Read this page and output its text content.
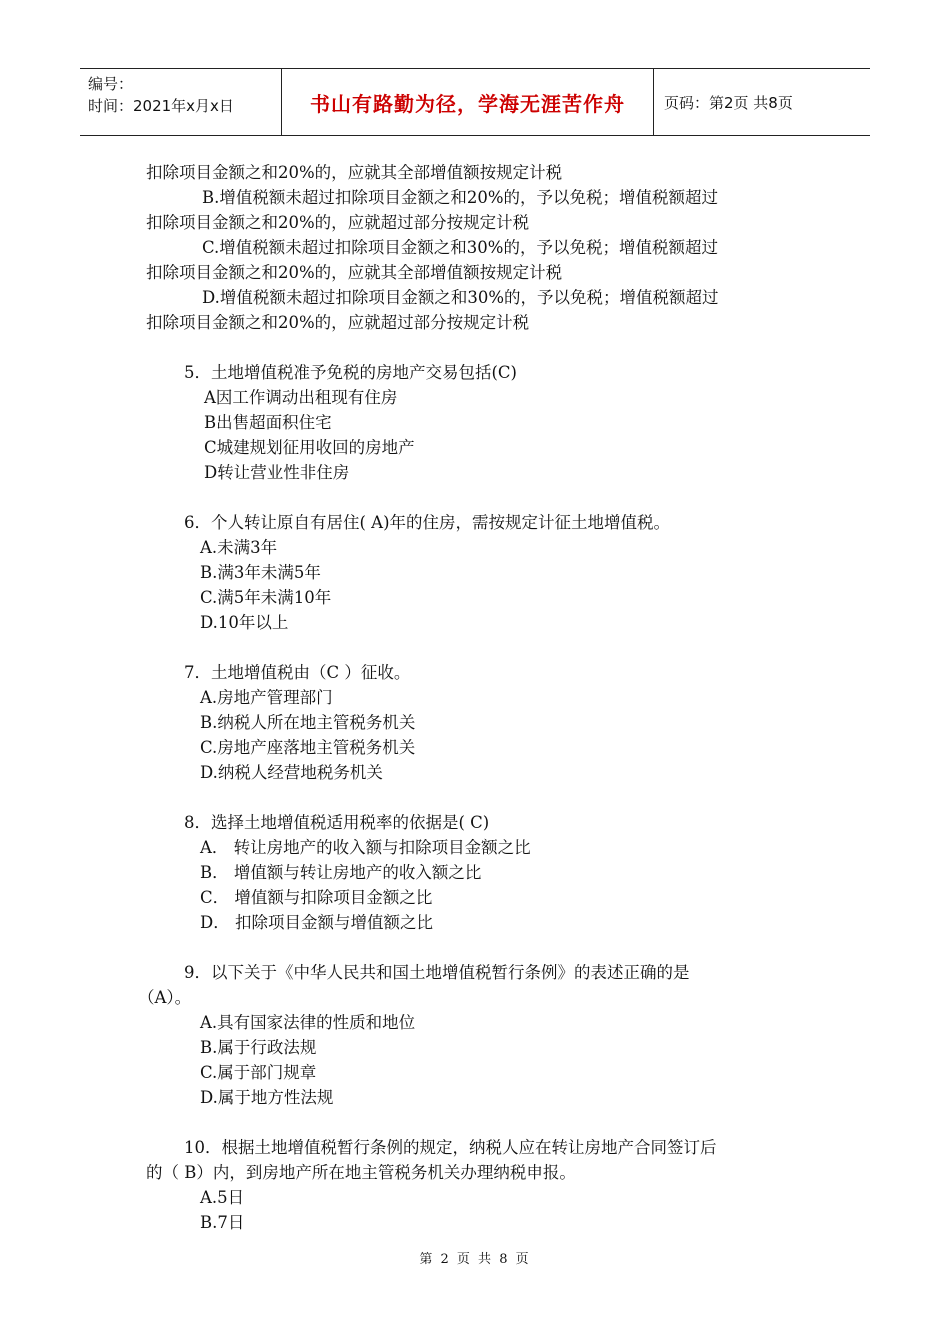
编号：
时间：2021年x月x日	书山有路勤为径，学海无涯苦作舟	页码：第2页 共8页
扣除项目金额之和20%的，应就其全部增值额按规定计税
B.增值税额未超过扣除项目金额之和20%的，予以免税；增值税额超过
扣除项目金额之和20%的，应就超过部分按规定计税
C.增值税额未超过扣除项目金额之和30%的，予以免税；增值税额超过
扣除项目金额之和20%的，应就其全部增值额按规定计税
D.增值税额未超过扣除项目金额之和30%的，予以免税；增值税额超过
扣除项目金额之和20%的，应就超过部分按规定计税
5．土地增值税准予免税的房地产交易包括(C)
A因工作调动出租现有住房
B出售超面积住宅
C城建规划征用收回的房地产
D转让营业性非住房
6．个人转让原自有居住( A)年的住房，需按规定计征土地增值税。
A.未满3年
B.满3年未满5年
C.满5年未满10年
D.10年以上
7．土地增值税由（C ）征收。
A.房地产管理部门
B.纳税人所在地主管税务机关
C.房地产座落地主管税务机关
D.纳税人经营地税务机关
8．选择土地增值税适用税率的依据是( C)
A． 转让房地产的收入额与扣除项目金额之比
B． 增值额与转让房地产的收入额之比
C． 增值额与扣除项目金额之比
D． 扣除项目金额与增值额之比
9．以下关于《中华人民共和国土地增值税暂行条例》的表述正确的是
（A）。
A.具有国家法律的性质和地位
B.属于行政法规
C.属于部门规章
D.属于地方性法规
10．根据土地增值税暂行条例的规定，纳税人应在转让房地产合同签订后
的（ B）内，到房地产所在地主管税务机关办理纳税申报。
A.5日
B.7日
第 2 页 共 8 页
